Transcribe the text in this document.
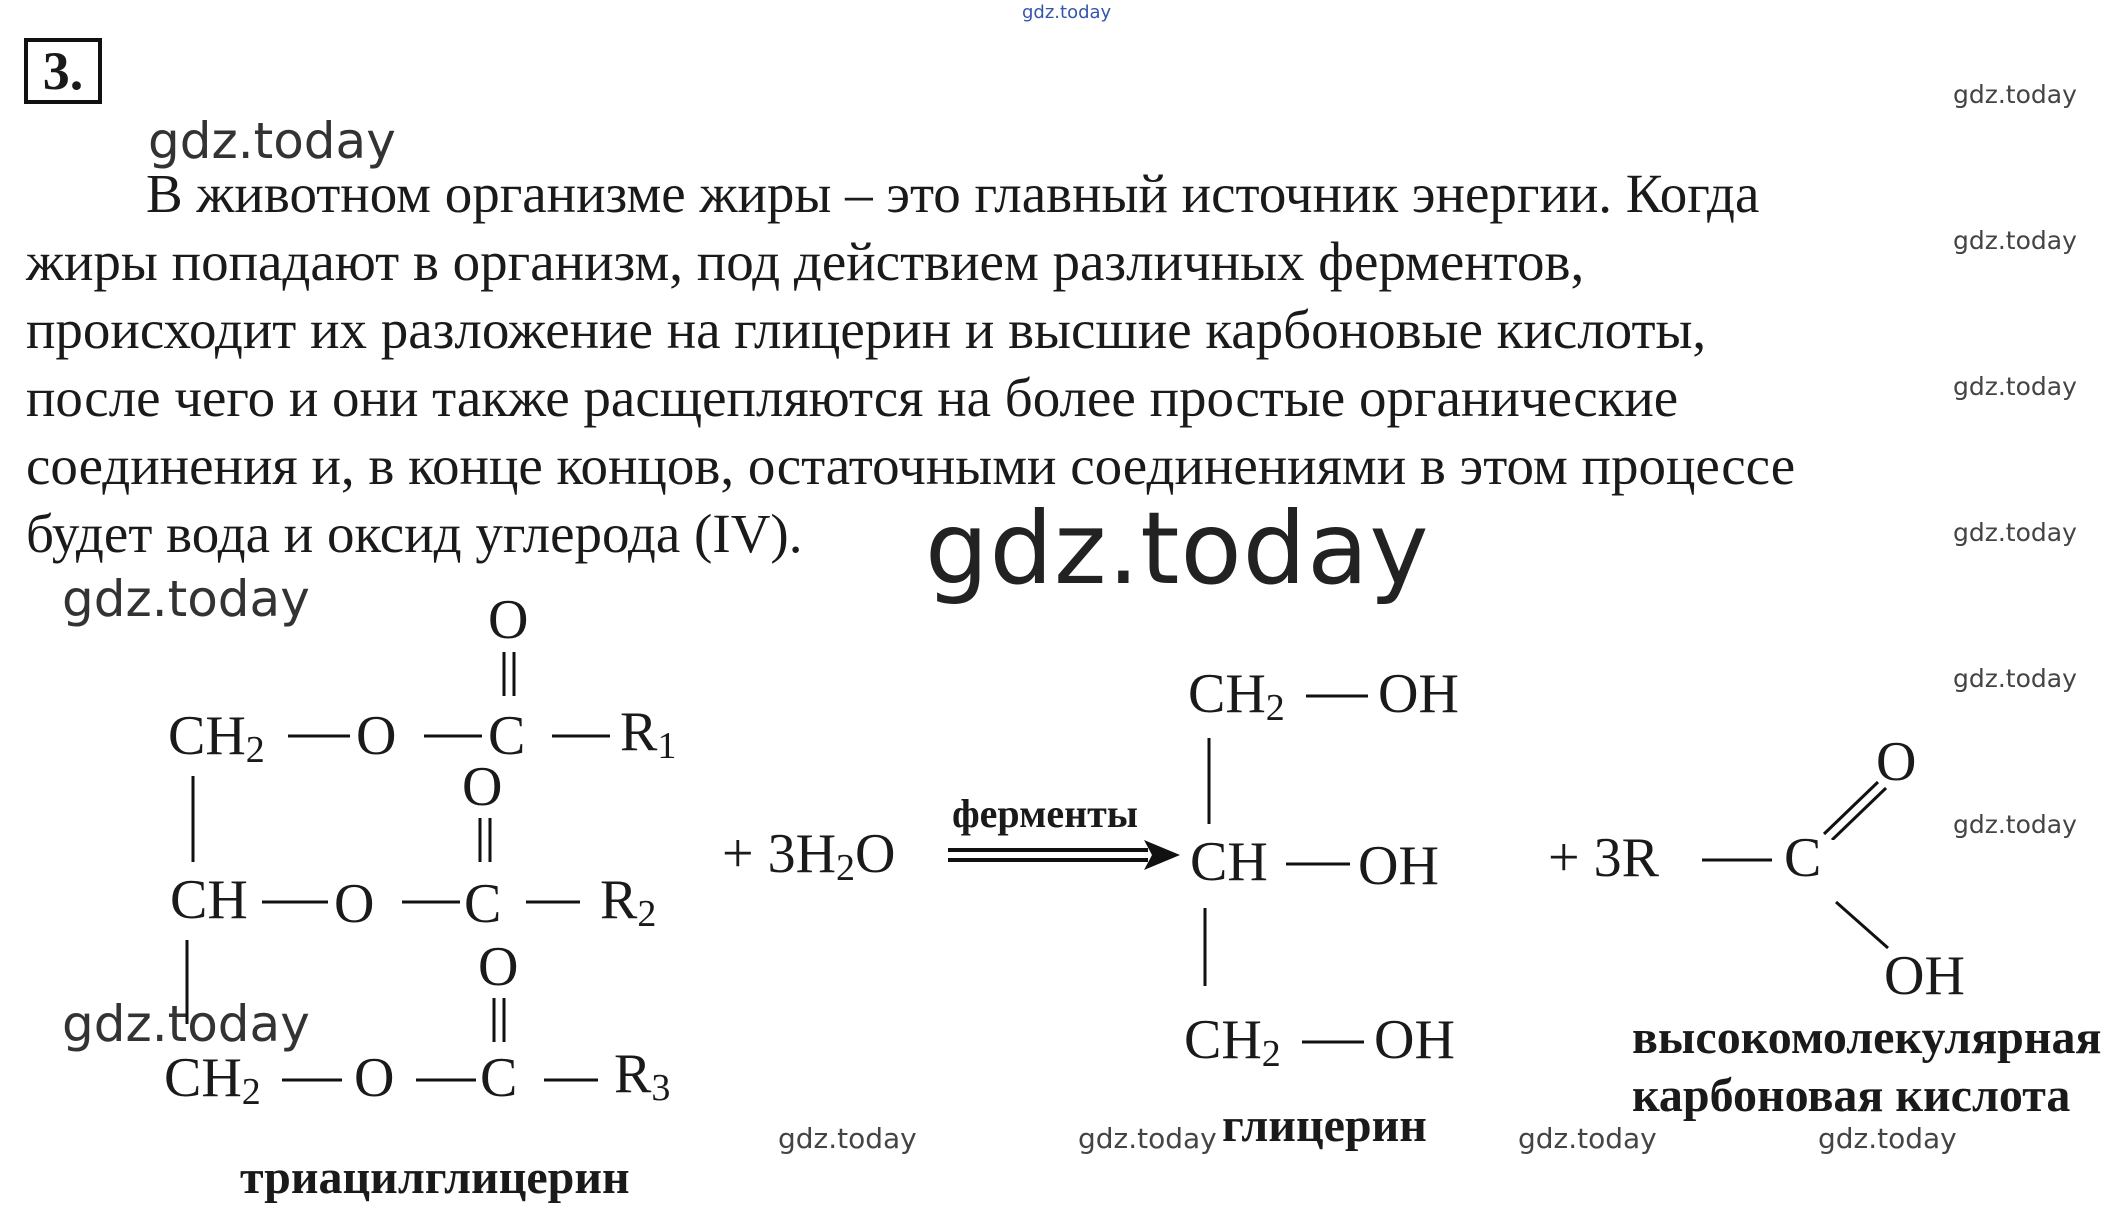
gdz.today
3.
gdz.today
В животном организме жиры – это главный источник энергии. Когда
жиры попадают в организм, под действием различных ферментов,
происходит их разложение на глицерин и высшие карбоновые кислоты,
после чего и они также расщепляются на более простые органические
соединения и, в конце концов, остаточными соединениями в этом процессе
будет вода и оксид углерода (IV).
gdz.today
gdz.today
gdz.today
gdz.today
gdz.today
gdz.today
gdz.today
gdz.today
gdz.today
gdz.today	gdz.today	gdz.today	gdz.today
O
$CH_2$ O C $R_1$
O
CH O C $R_2$
O
$CH_2$ O C $R_3$
триацилглицерин
+ $3H_2O$
ферменты
$CH_2$ OH
CH OH
$CH_2$ OH
глицерин
+ 3R C
O
OH
высокомолекулярная
карбоновая кислота
